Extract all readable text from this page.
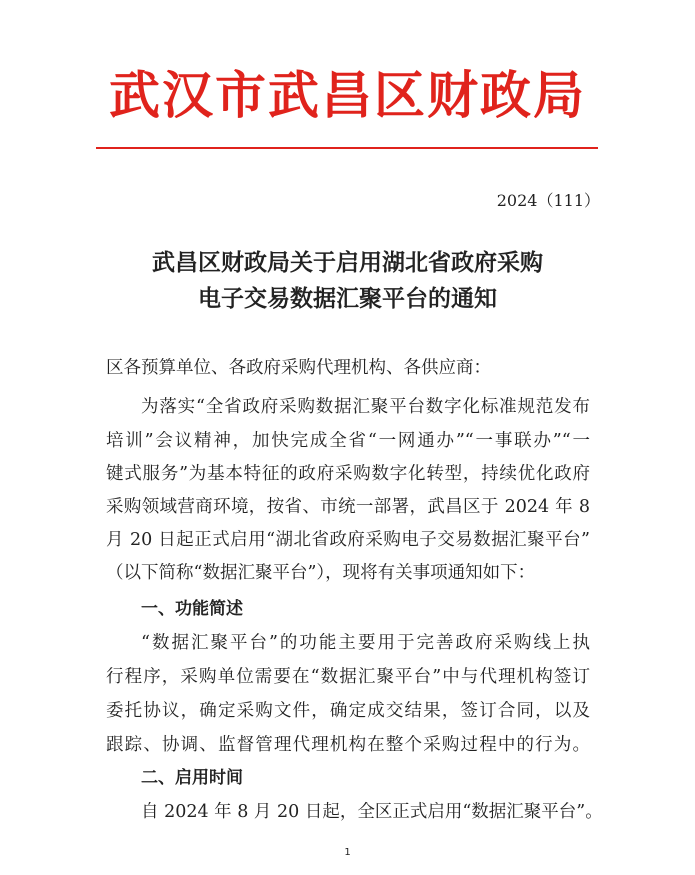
武汉市武昌区财政局
2024（111）
武昌区财政局关于启用湖北省政府采购
电子交易数据汇聚平台的通知
区各预算单位、各政府采购代理机构、各供应商：
为落实“全省政府采购数据汇聚平台数字化标准规范发布
培训”会议精神，加快完成全省“一网通办”“一事联办”“一
键式服务”为基本特征的政府采购数字化转型，持续优化政府
采购领域营商环境，按省、市统一部署，武昌区于 2024 年 8
月 20 日起正式启用“湖北省政府采购电子交易数据汇聚平台”
（以下简称“数据汇聚平台”），现将有关事项通知如下：
一、功能简述
“数据汇聚平台”的功能主要用于完善政府采购线上执
行程序，采购单位需要在“数据汇聚平台”中与代理机构签订
委托协议，确定采购文件，确定成交结果，签订合同，以及
跟踪、协调、监督管理代理机构在整个采购过程中的行为。
二、启用时间
自 2024 年 8 月 20 日起，全区正式启用“数据汇聚平台”。
1
